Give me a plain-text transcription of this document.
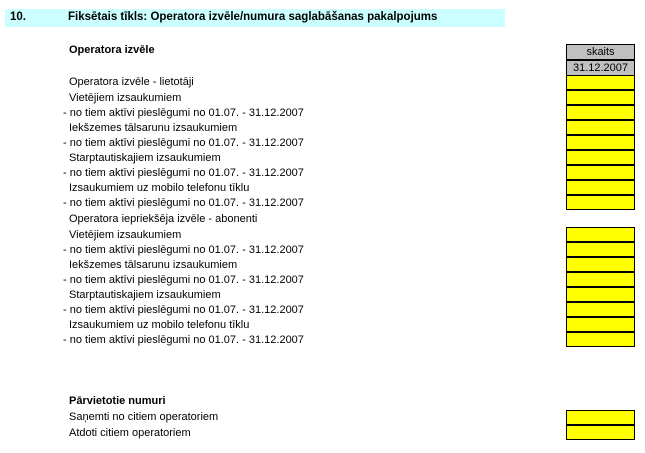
10.	Fiksētais tīkls: Operatora izvēle/numura saglabāšanas pakalpojums
skaits
31.12.2007
Operatora izvēle
Operatora izvēle - lietotāji
Vietējiem izsaukumiem
- no tiem aktīvi pieslēgumi no 01.07. - 31.12.2007
Iekšzemes tālsarunu izsaukumiem
- no tiem aktīvi pieslēgumi no 01.07. - 31.12.2007
Starptautiskajiem izsaukumiem
- no tiem aktīvi pieslēgumi no 01.07. - 31.12.2007
Izsaukumiem uz mobilo telefonu tīklu
- no tiem aktīvi pieslēgumi no 01.07. - 31.12.2007
Operatora iepriekšēja izvēle - abonenti
Vietējiem izsaukumiem
- no tiem aktīvi pieslēgumi no 01.07. - 31.12.2007
Iekšzemes tālsarunu izsaukumiem
- no tiem aktīvi pieslēgumi no 01.07. - 31.12.2007
Starptautiskajiem izsaukumiem
- no tiem aktīvi pieslēgumi no 01.07. - 31.12.2007
Izsaukumiem uz mobilo telefonu tīklu
- no tiem aktīvi pieslēgumi no 01.07. - 31.12.2007
Pārvietotie numuri
Saņemti no citiem operatoriem
Atdoti citiem operatoriem
